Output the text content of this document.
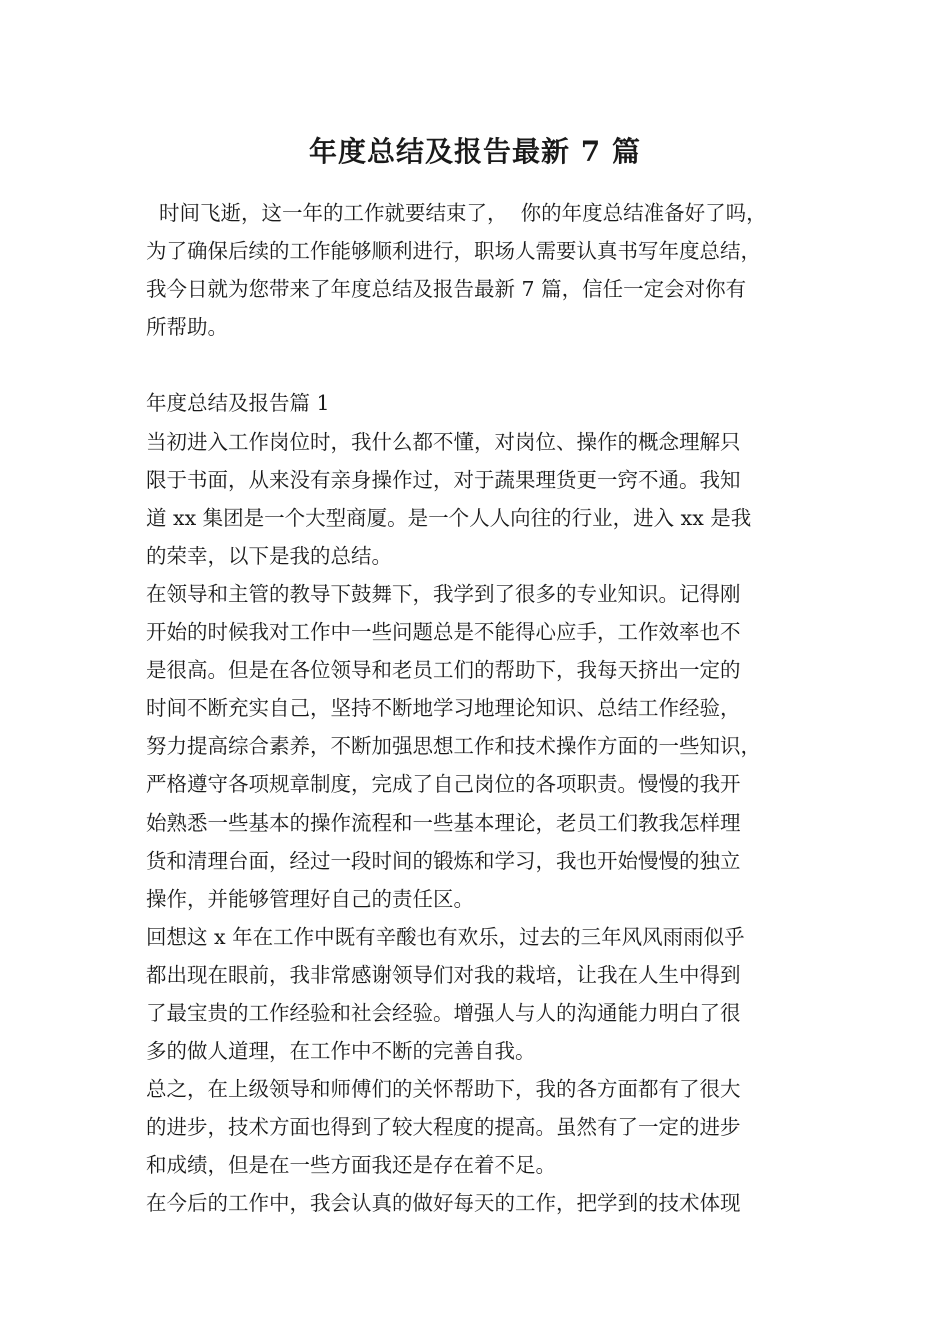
年度总结及报告最新 7 篇
时间飞逝，这一年的工作就要结束了，  你的年度总结准备好了吗，
为了确保后续的工作能够顺利进行，职场人需要认真书写年度总结，
我今日就为您带来了年度总结及报告最新 7 篇，信任一定会对你有
所帮助。
年度总结及报告篇 1
当初进入工作岗位时，我什么都不懂，对岗位、操作的概念理解只
限于书面，从来没有亲身操作过，对于蔬果理货更一窍不通。我知
道 xx 集团是一个大型商厦。是一个人人向往的行业，进入 xx 是我
的荣幸，以下是我的总结。
在领导和主管的教导下鼓舞下，我学到了很多的专业知识。记得刚
开始的时候我对工作中一些问题总是不能得心应手，工作效率也不
是很高。但是在各位领导和老员工们的帮助下，我每天挤出一定的
时间不断充实自己，坚持不断地学习地理论知识、总结工作经验，
努力提高综合素养，不断加强思想工作和技术操作方面的一些知识，
严格遵守各项规章制度，完成了自己岗位的各项职责。慢慢的我开
始熟悉一些基本的操作流程和一些基本理论，老员工们教我怎样理
货和清理台面，经过一段时间的锻炼和学习，我也开始慢慢的独立
操作，并能够管理好自己的责任区。
回想这 x 年在工作中既有辛酸也有欢乐，过去的三年风风雨雨似乎
都出现在眼前，我非常感谢领导们对我的栽培，让我在人生中得到
了最宝贵的工作经验和社会经验。增强人与人的沟通能力明白了很
多的做人道理，在工作中不断的完善自我。
总之，在上级领导和师傅们的关怀帮助下，我的各方面都有了很大
的进步，技术方面也得到了较大程度的提高。虽然有了一定的进步
和成绩，但是在一些方面我还是存在着不足。
在今后的工作中，我会认真的做好每天的工作，把学到的技术体现
